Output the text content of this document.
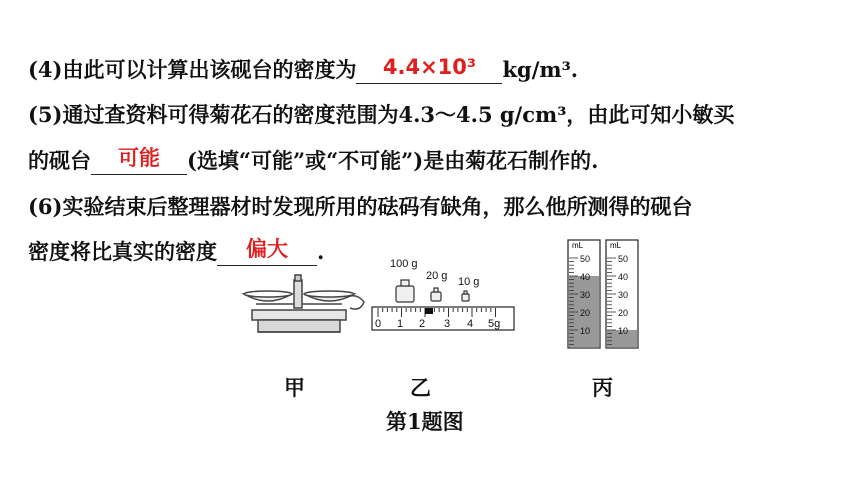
(4)由此可以计算出该砚台的密度为 4.4×10³ kg/m³.
(5)通过查资料可得菊花石的密度范围为4.3～4.5 g/cm³，由此可知小敏买
的砚台 可能 (选填“可能”或“不可能”)是由菊花石制作的.
(6)实验结束后整理器材时发现所用的砝码有缺角，那么他所测得的砚台
密度将比真实的密度 偏大 .	100 g
20 g 10 g
0 1 2 3 4 5g
mL
50
40
30
20
10
mL
50
40
30
20
10
甲	乙	丙
第1题图
